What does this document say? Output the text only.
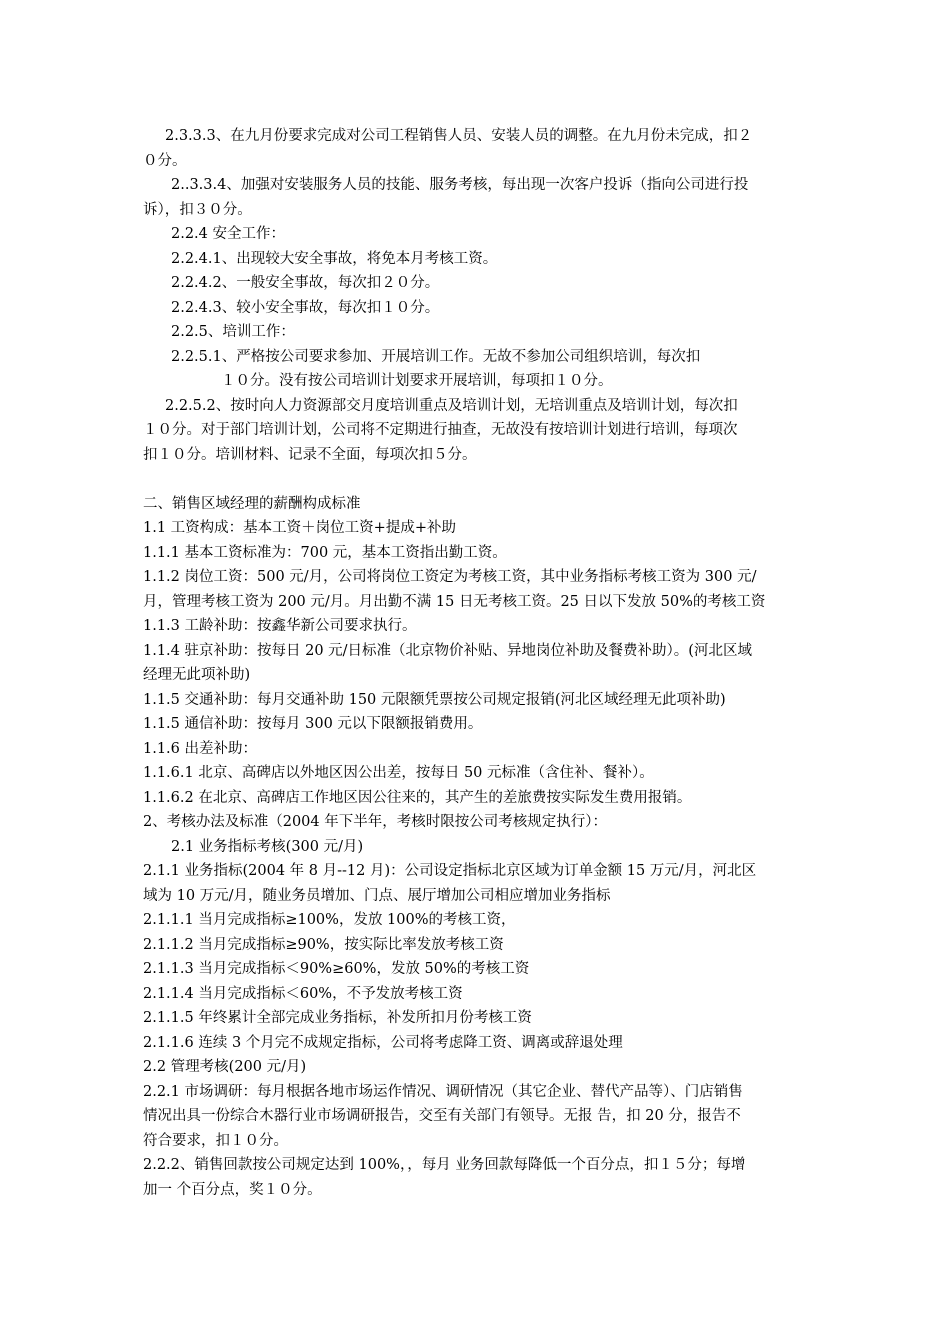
2.3.3.3、在九月份要求完成对公司工程销售人员、安装人员的调整。在九月份未完成，扣２
０分。
2..3.3.4、加强对安装服务人员的技能、服务考核，每出现一次客户投诉（指向公司进行投
诉），扣３０分。
2.2.4 安全工作：
2.2.4.1、出现较大安全事故，将免本月考核工资。
2.2.4.2、一般安全事故，每次扣２０分。
2.2.4.3、较小安全事故，每次扣１０分。
2.2.5、培训工作：
2.2.5.1、严格按公司要求参加、开展培训工作。无故不参加公司组织培训，每次扣
１０分。没有按公司培训计划要求开展培训，每项扣１０分。
2.2.5.2、按时向人力资源部交月度培训重点及培训计划，无培训重点及培训计划，每次扣
１０分。对于部门培训计划，公司将不定期进行抽查，无故没有按培训计划进行培训，每项次
扣１０分。培训材料、记录不全面，每项次扣５分。
二、销售区域经理的薪酬构成标准
1.1 工资构成：基本工资＋岗位工资+提成+补助
1.1.1 基本工资标准为：700 元，基本工资指出勤工资。
1.1.2 岗位工资：500 元/月，公司将岗位工资定为考核工资，其中业务指标考核工资为 300 元/
月，管理考核工资为 200 元/月。月出勤不满 15 日无考核工资。25 日以下发放 50%的考核工资
1.1.3 工龄补助：按鑫华新公司要求执行。
1.1.4 驻京补助：按每日 20 元/日标准（北京物价补贴、异地岗位补助及餐费补助）。(河北区域
经理无此项补助)
1.1.5 交通补助：每月交通补助 150 元限额凭票按公司规定报销(河北区域经理无此项补助)
1.1.5 通信补助：按每月 300 元以下限额报销费用。
1.1.6 出差补助：
1.1.6.1 北京、高碑店以外地区因公出差，按每日 50 元标准（含住补、餐补）。
1.1.6.2 在北京、高碑店工作地区因公往来的，其产生的差旅费按实际发生费用报销。
2、考核办法及标准（2004 年下半年，考核时限按公司考核规定执行）：
2.1 业务指标考核(300 元/月)
2.1.1 业务指标(2004 年 8 月--12 月)：公司设定指标北京区域为订单金额 15 万元/月，河北区
域为 10 万元/月，随业务员增加、门点、展厅增加公司相应增加业务指标
2.1.1.1 当月完成指标≥100%，发放 100%的考核工资，
2.1.1.2 当月完成指标≥90%，按实际比率发放考核工资
2.1.1.3 当月完成指标＜90%≥60%，发放 50%的考核工资
2.1.1.4 当月完成指标＜60%，不予发放考核工资
2.1.1.5 年终累计全部完成业务指标，补发所扣月份考核工资
2.1.1.6 连续 3 个月完不成规定指标，公司将考虑降工资、调离或辞退处理
2.2 管理考核(200 元/月)
2.2.1 市场调研：每月根据各地市场运作情况、调研情况（其它企业、替代产品等）、门店销售
情况出具一份综合木器行业市场调研报告，交至有关部门有领导。无报 告，扣 20 分，报告不
符合要求，扣１０分。
2.2.2、销售回款按公司规定达到 100%，，每月 业务回款每降低一个百分点，扣１５分；每增
加一 个百分点，奖１０分。
